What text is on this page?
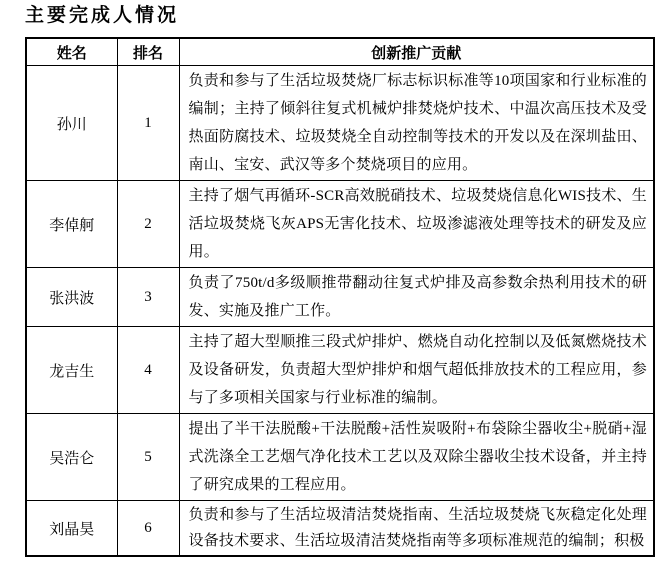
主要完成人情况
姓名	排名	创新推广贡献
孙川	1	负责和参与了生活垃圾焚烧厂标志标识标准等10项国家和行业标准的编制；主持了倾斜往复式机械炉排焚烧炉技术、中温次高压技术及受热面防腐技术、垃圾焚烧全自动控制等技术的开发以及在深圳盐田、南山、宝安、武汉等多个焚烧项目的应用。
李倬舸	2	主持了烟气再循环-SCR高效脱硝技术、垃圾焚烧信息化WIS技术、生活垃圾焚烧飞灰APS无害化技术、垃圾渗滤液处理等技术的研发及应用。
张洪波	3	负责了750t/d多级顺推带翻动往复式炉排及高参数余热利用技术的研发、实施及推广工作。
龙吉生	4	主持了超大型顺推三段式炉排炉、燃烧自动化控制以及低氮燃烧技术及设备研发，负责超大型炉排炉和烟气超低排放技术的工程应用，参与了多项相关国家与行业标准的编制。
吴浩仑	5	提出了半干法脱酸+干法脱酸+活性炭吸附+布袋除尘器收尘+脱硝+湿式洗涤全工艺烟气净化技术工艺以及双除尘器收尘技术设备，并主持了研究成果的工程应用。
刘晶昊	6	负责和参与了生活垃圾清洁焚烧指南、生活垃圾焚烧飞灰稳定化处理设备技术要求、生活垃圾清洁焚烧指南等多项标准规范的编制；积极
